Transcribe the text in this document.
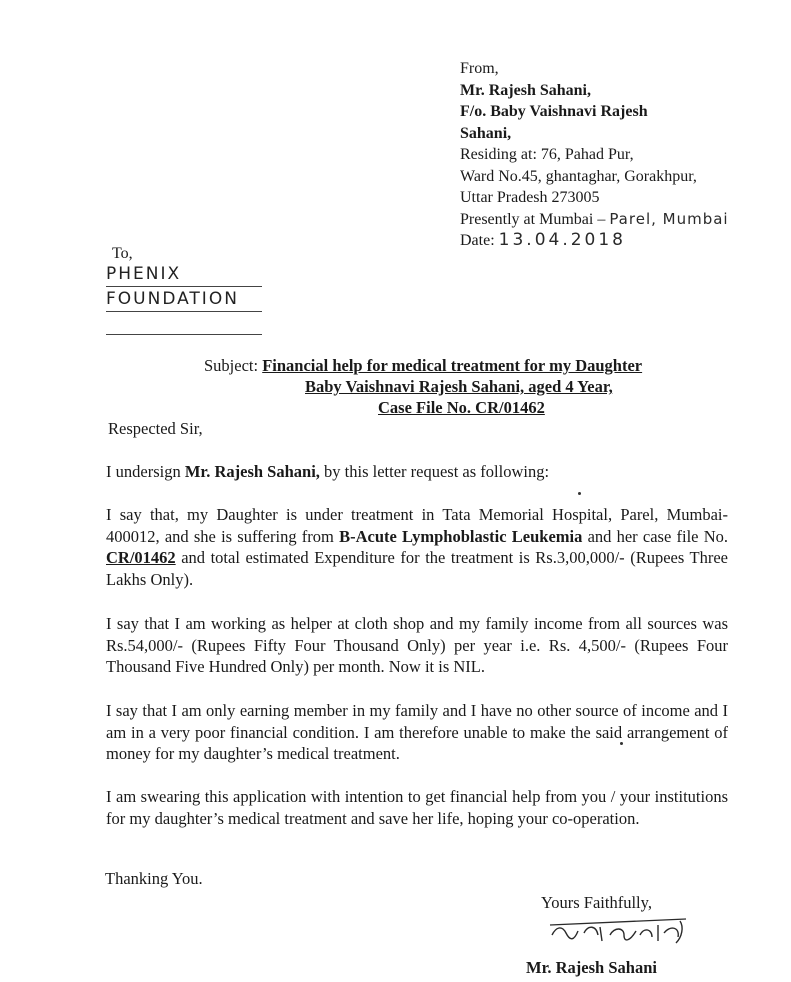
From,
Mr. Rajesh Sahani,
F/o. Baby Vaishnavi Rajesh
Sahani,
Residing at: 76, Pahad Pur,
Ward No.45, ghantaghar, Gorakhpur,
Uttar Pradesh 273005
Presently at Mumbai – Parel, Mumbai
Date: 13.04.2018
To,
PHENIX
FOUNDATION
Subject: Financial help for medical treatment for my Daughter
Baby Vaishnavi Rajesh Sahani, aged 4 Year,
Case File No. CR/01462
Respected Sir,
I undersign Mr. Rajesh Sahani, by this letter request as following:
I say that, my Daughter is under treatment in Tata Memorial Hospital, Parel, Mumbai- 400012, and she is suffering from B-Acute Lymphoblastic Leukemia and her case file No. CR/01462 and total estimated Expenditure for the treatment is Rs.3,00,000/- (Rupees Three Lakhs Only).
I say that I am working as helper at cloth shop and my family income from all sources was Rs.54,000/- (Rupees Fifty Four Thousand Only) per year i.e. Rs. 4,500/- (Rupees Four Thousand Five Hundred Only) per month. Now it is NIL.
I say that I am only earning member in my family and I have no other source of income and I am in a very poor financial condition. I am therefore unable to make the said arrangement of money for my daughter’s medical treatment.
I am swearing this application with intention to get financial help from you / your institutions for my daughter’s medical treatment and save her life, hoping your co-operation.
Thanking You.
Yours Faithfully,
Mr. Rajesh Sahani
